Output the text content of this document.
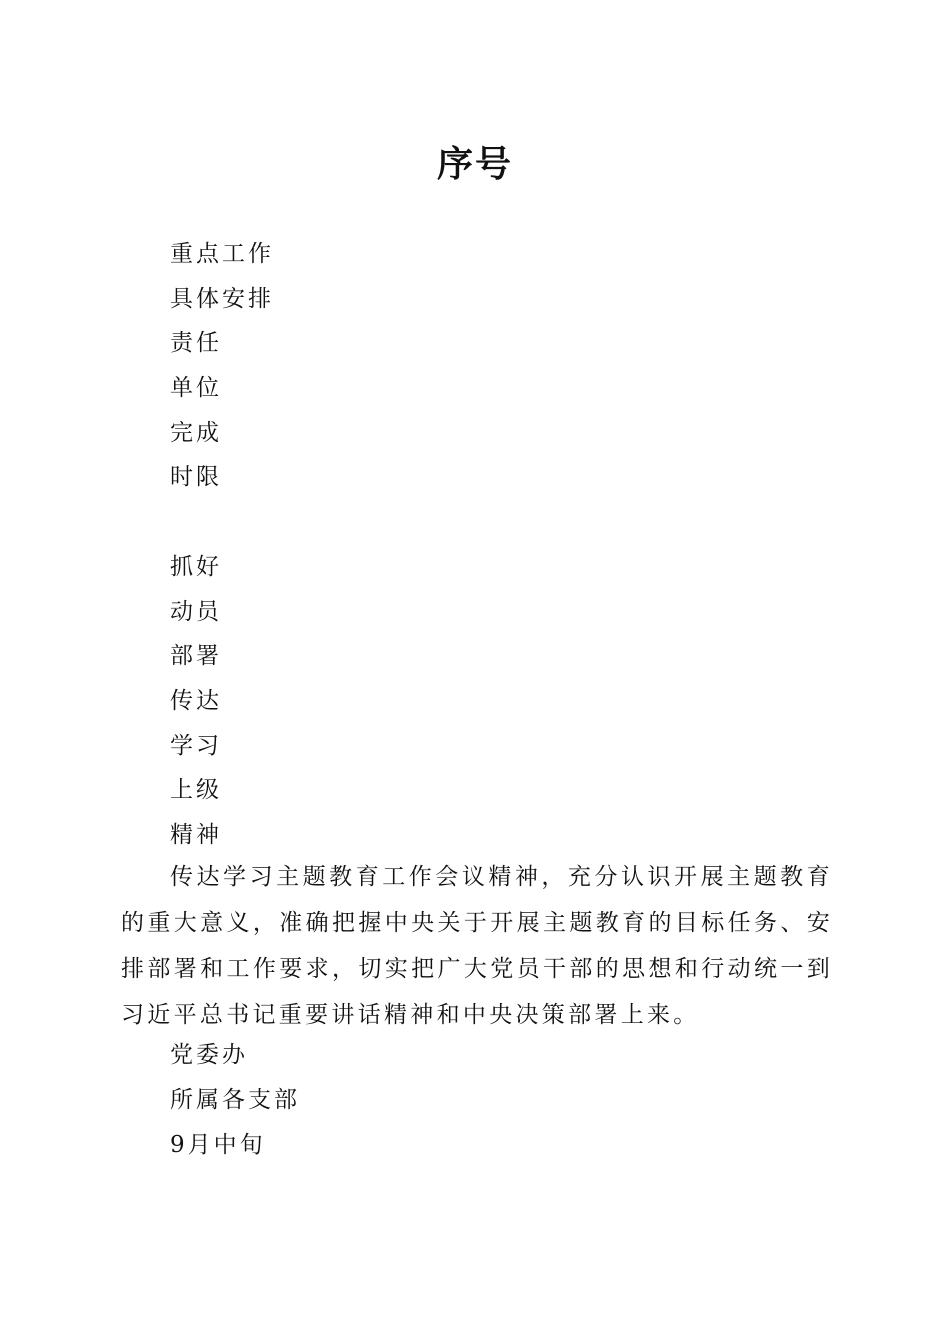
序号
重点工作
具体安排
责任
单位
完成
时限
抓好
动员
部署
传达
学习
上级
精神
传达学习主题教育工作会议精神，充分认识开展主题教育的重大意义，准确把握中央关于开展主题教育的目标任务、安排部署和工作要求，切实把广大党员干部的思想和行动统一到习近平总书记重要讲话精神和中央决策部署上来。
党委办
所属各支部
9月中旬
